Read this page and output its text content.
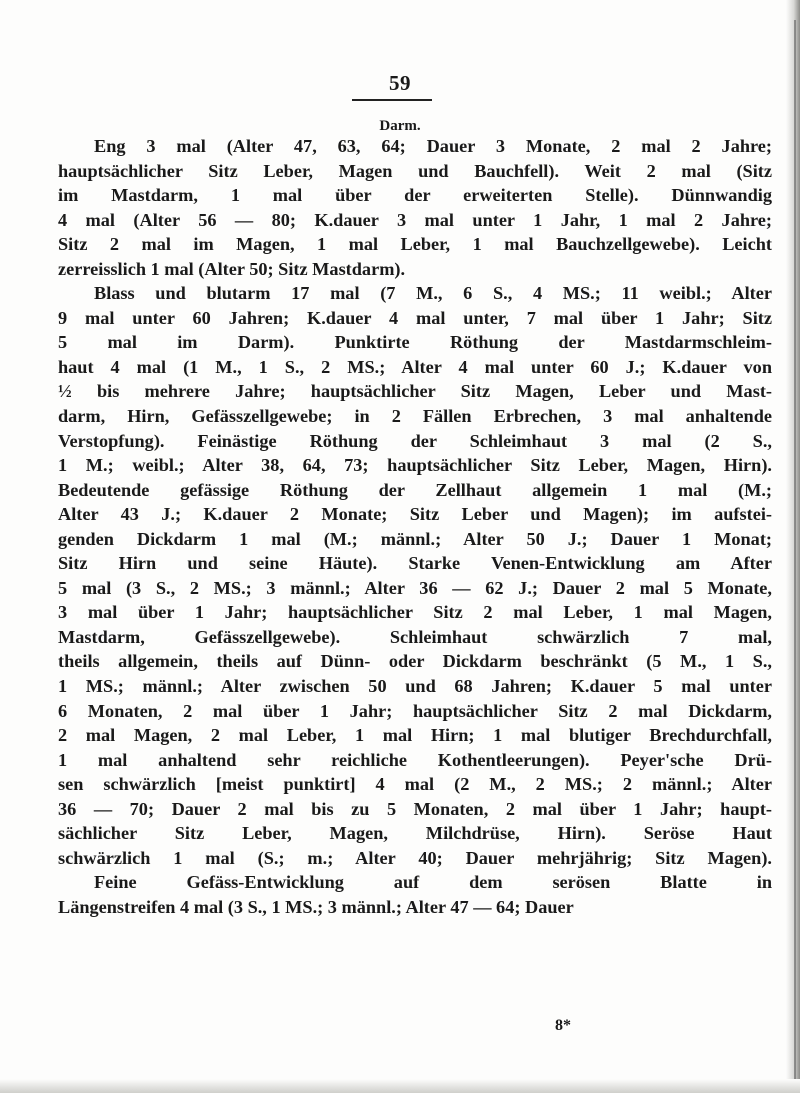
59
Darm.
Eng 3 mal (Alter 47, 63, 64; Dauer 3 Monate, 2 mal 2 Jahre;
hauptsächlicher Sitz Leber, Magen und Bauchfell). Weit 2 mal (Sitz
im Mastdarm, 1 mal über der erweiterten Stelle). Dünnwandig
4 mal (Alter 56 — 80; K.dauer 3 mal unter 1 Jahr, 1 mal 2 Jahre;
Sitz 2 mal im Magen, 1 mal Leber, 1 mal Bauchzellgewebe). Leicht
zerreisslich 1 mal (Alter 50; Sitz Mastdarm).
Blass und blutarm 17 mal (7 M., 6 S., 4 MS.; 11 weibl.; Alter
9 mal unter 60 Jahren; K.dauer 4 mal unter, 7 mal über 1 Jahr; Sitz
5 mal im Darm). Punktirte Röthung der Mastdarmschleim-
haut 4 mal (1 M., 1 S., 2 MS.; Alter 4 mal unter 60 J.; K.dauer von
½ bis mehrere Jahre; hauptsächlicher Sitz Magen, Leber und Mast-
darm, Hirn, Gefässzellgewebe; in 2 Fällen Erbrechen, 3 mal anhaltende
Verstopfung). Feinästige Röthung der Schleimhaut 3 mal (2 S.,
1 M.; weibl.; Alter 38, 64, 73; hauptsächlicher Sitz Leber, Magen, Hirn).
Bedeutende gefässige Röthung der Zellhaut allgemein 1 mal (M.;
Alter 43 J.; K.dauer 2 Monate; Sitz Leber und Magen); im aufstei-
genden Dickdarm 1 mal (M.; männl.; Alter 50 J.; Dauer 1 Monat;
Sitz Hirn und seine Häute). Starke Venen-Entwicklung am After
5 mal (3 S., 2 MS.; 3 männl.; Alter 36 — 62 J.; Dauer 2 mal 5 Monate,
3 mal über 1 Jahr; hauptsächlicher Sitz 2 mal Leber, 1 mal Magen,
Mastdarm, Gefässzellgewebe). Schleimhaut schwärzlich 7 mal,
theils allgemein, theils auf Dünn- oder Dickdarm beschränkt (5 M., 1 S.,
1 MS.; männl.; Alter zwischen 50 und 68 Jahren; K.dauer 5 mal unter
6 Monaten, 2 mal über 1 Jahr; hauptsächlicher Sitz 2 mal Dickdarm,
2 mal Magen, 2 mal Leber, 1 mal Hirn; 1 mal blutiger Brechdurchfall,
1 mal anhaltend sehr reichliche Kothentleerungen). Peyer'sche Drü-
sen schwärzlich [meist punktirt] 4 mal (2 M., 2 MS.; 2 männl.; Alter
36 — 70; Dauer 2 mal bis zu 5 Monaten, 2 mal über 1 Jahr; haupt-
sächlicher Sitz Leber, Magen, Milchdrüse, Hirn). Seröse Haut
schwärzlich 1 mal (S.; m.; Alter 40; Dauer mehrjährig; Sitz Magen).
Feine Gefäss-Entwicklung auf dem serösen Blatte in
Längenstreifen 4 mal (3 S., 1 MS.; 3 männl.; Alter 47 — 64; Dauer
8*
